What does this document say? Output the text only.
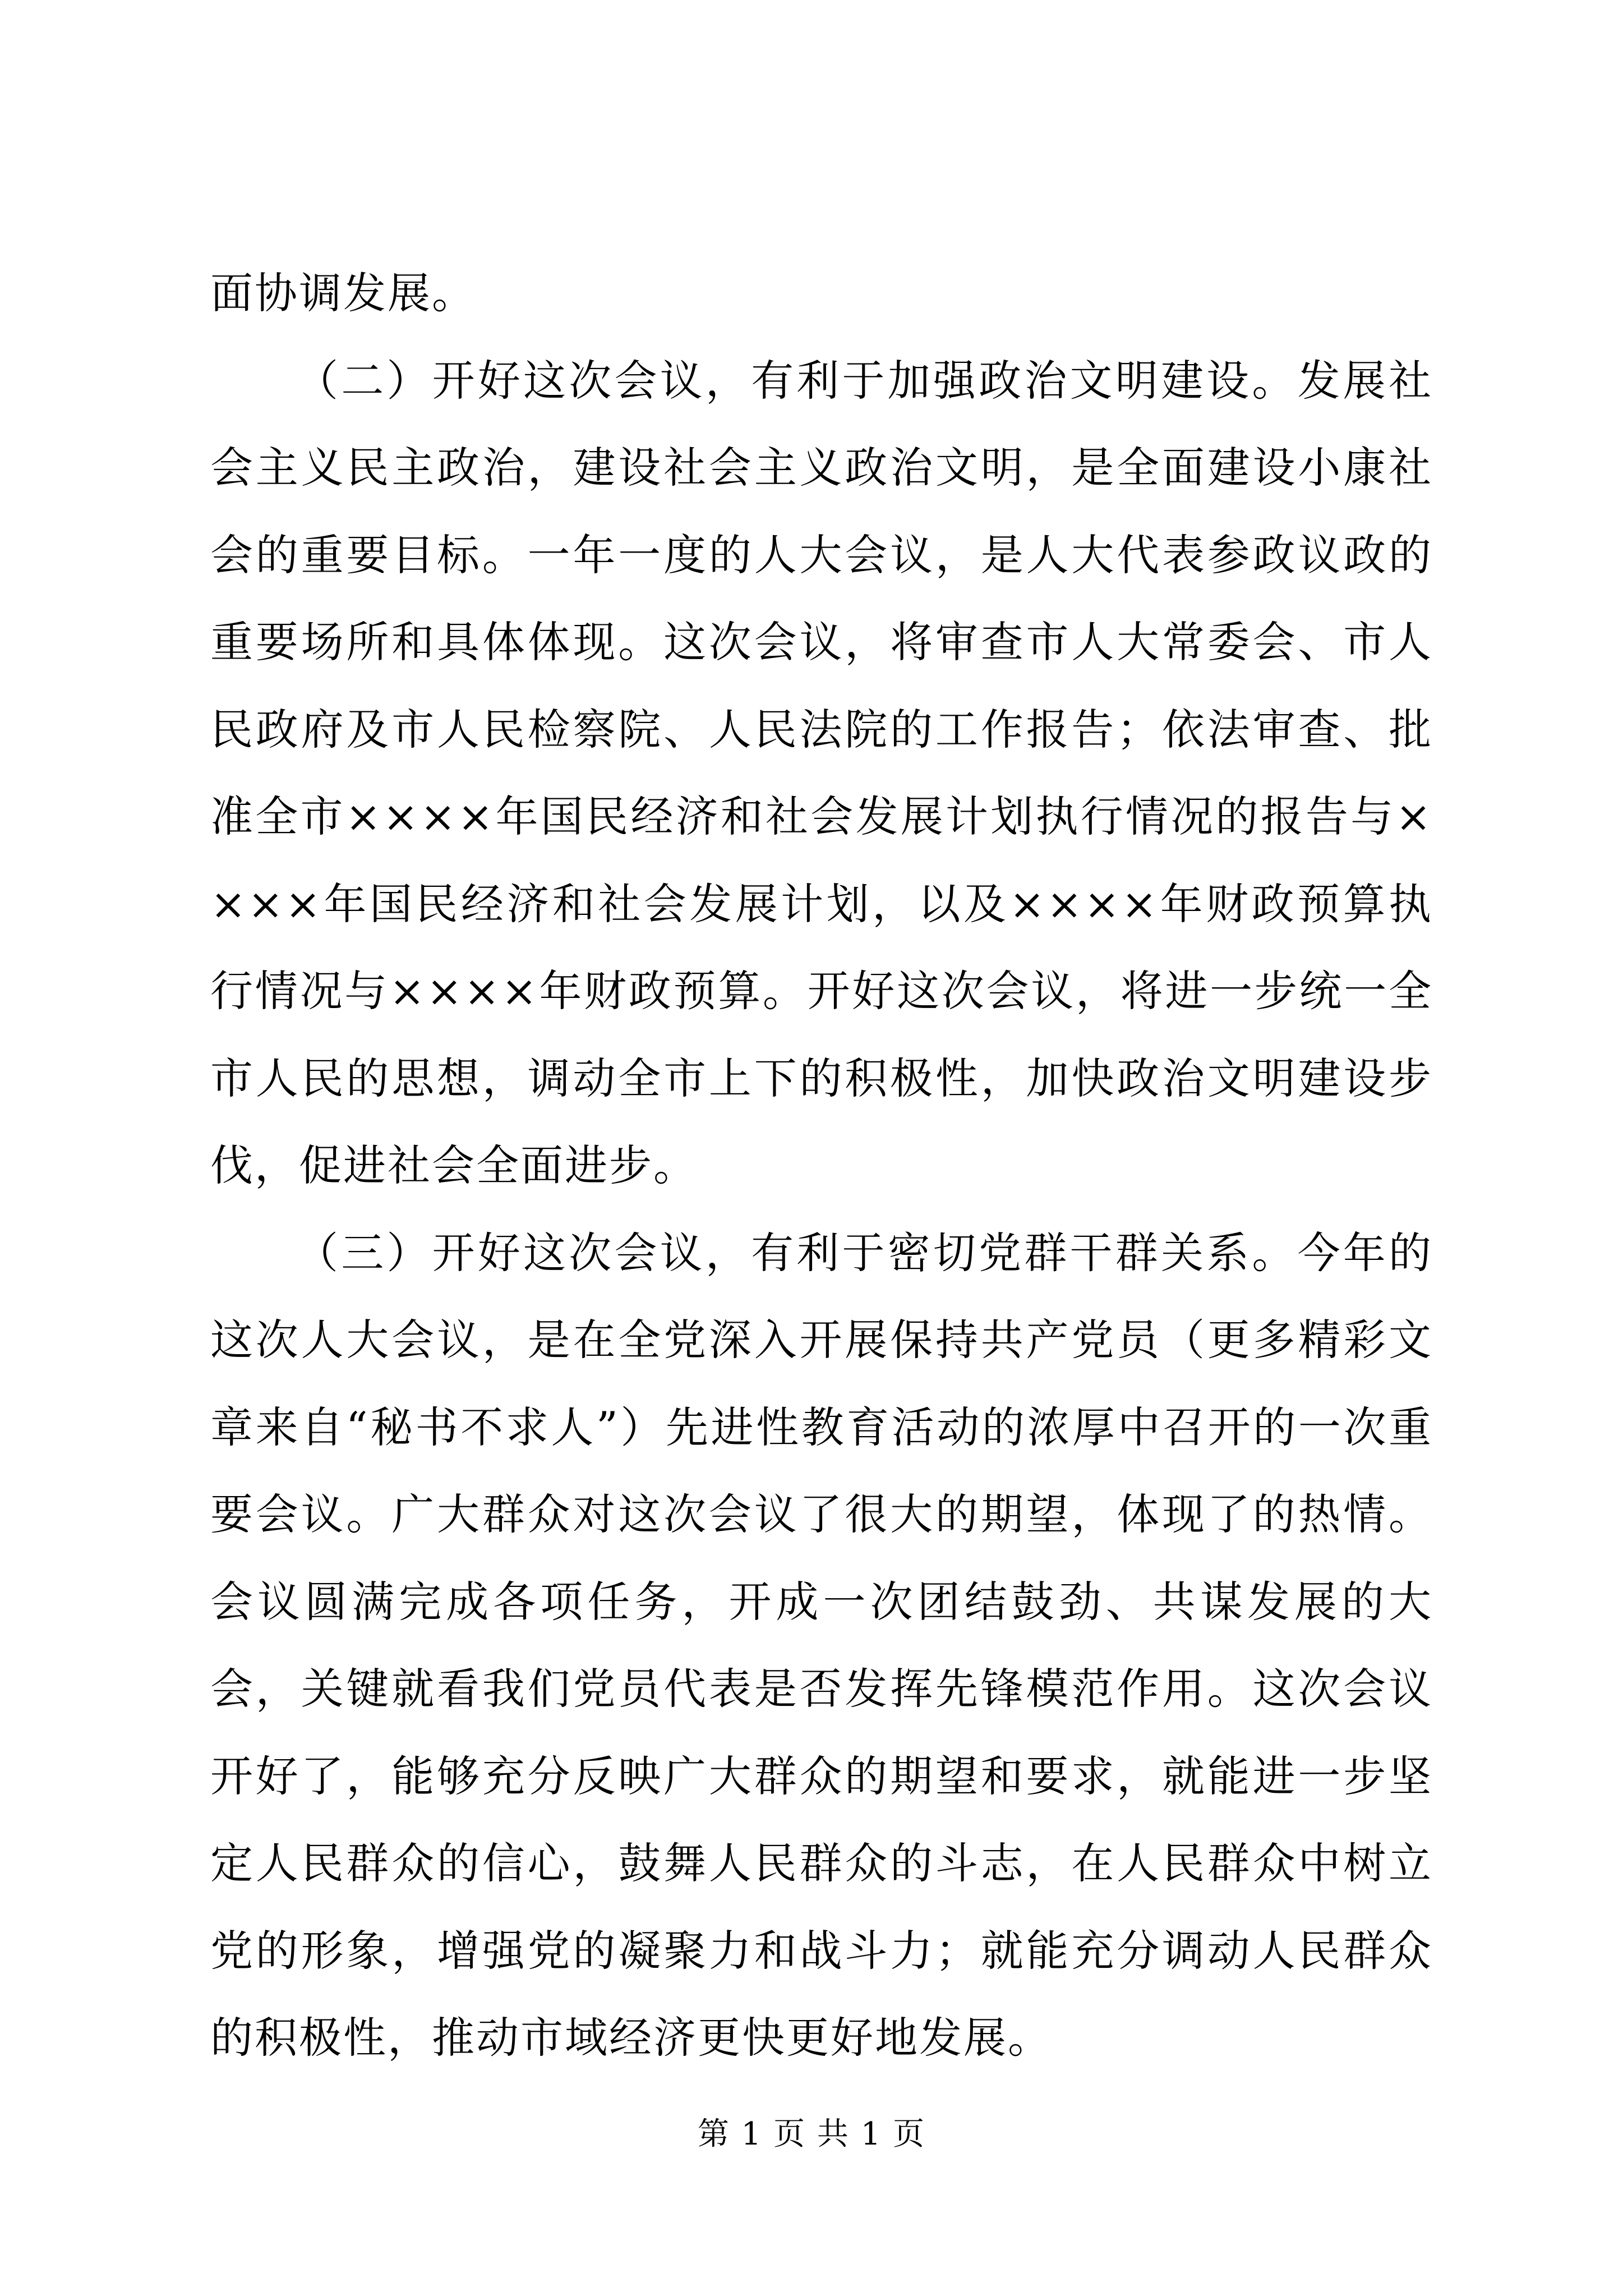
面协调发展。

（二）开好这次会议，有利于加强政治文明建设。发展社会主义民主政治，建设社会主义政治文明，是全面建设小康社会的重要目标。一年一度的人大会议，是人大代表参政议政的重要场所和具体体现。这次会议，将审查市人大常委会、市人民政府及市人民检察院、人民法院的工作报告；依法审查、批准全市××××年国民经济和社会发展计划执行情况的报告与××××年国民经济和社会发展计划，以及××××年财政预算执行情况与××××年财政预算。开好这次会议，将进一步统一全市人民的思想，调动全市上下的积极性，加快政治文明建设步伐，促进社会全面进步。

（三）开好这次会议，有利于密切党群干群关系。今年的这次人大会议，是在全党深入开展保持共产党员（更多精彩文章来自“秘书不求人”）先进性教育活动的浓厚中召开的一次重要会议。广大群众对这次会议了很大的期望，体现了的热情。会议圆满完成各项任务，开成一次团结鼓劲、共谋发展的大会，关键就看我们党员代表是否发挥先锋模范作用。这次会议开好了，能够充分反映广大群众的期望和要求，就能进一步坚定人民群众的信心，鼓舞人民群众的斗志，在人民群众中树立党的形象，增强党的凝聚力和战斗力；就能充分调动人民群众的积极性，推动市域经济更快更好地发展。

第 1 页 共 1 页
